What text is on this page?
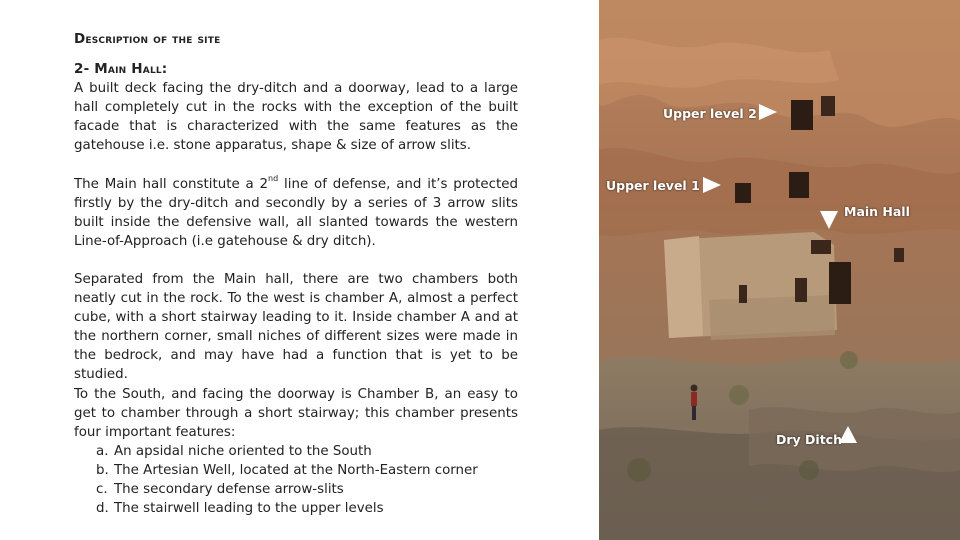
Description of the site
2- Main Hall:

A built deck facing the dry-ditch and a doorway, lead to a large hall completely cut in the rocks with the exception of the built facade that is characterized with the same features as the gatehouse i.e. stone apparatus, shape & size of arrow slits.

The Main hall constitute a 2nd line of defense, and it’s protected firstly by the dry-ditch and secondly by a series of 3 arrow slits built inside the defensive wall, all slanted towards the western Line-of-Approach (i.e gatehouse & dry ditch).

Separated from the Main hall, there are two chambers both neatly cut in the rock. To the west is chamber A, almost a perfect cube, with a short stairway leading to it. Inside chamber A and at the northern corner, small niches of different sizes were made in the bedrock, and may have had a function that is yet to be studied.

To the South, and facing the doorway is Chamber B, an easy to get to chamber through a short stairway; this chamber presents four important features:

a. An apsidal niche oriented to the South
b. The Artesian Well, located at the North-Eastern corner
c. The secondary defense arrow-slits
d. The stairwell leading to the upper levels
Upper level 2
Upper level 1
Main Hall
Dry Ditch
